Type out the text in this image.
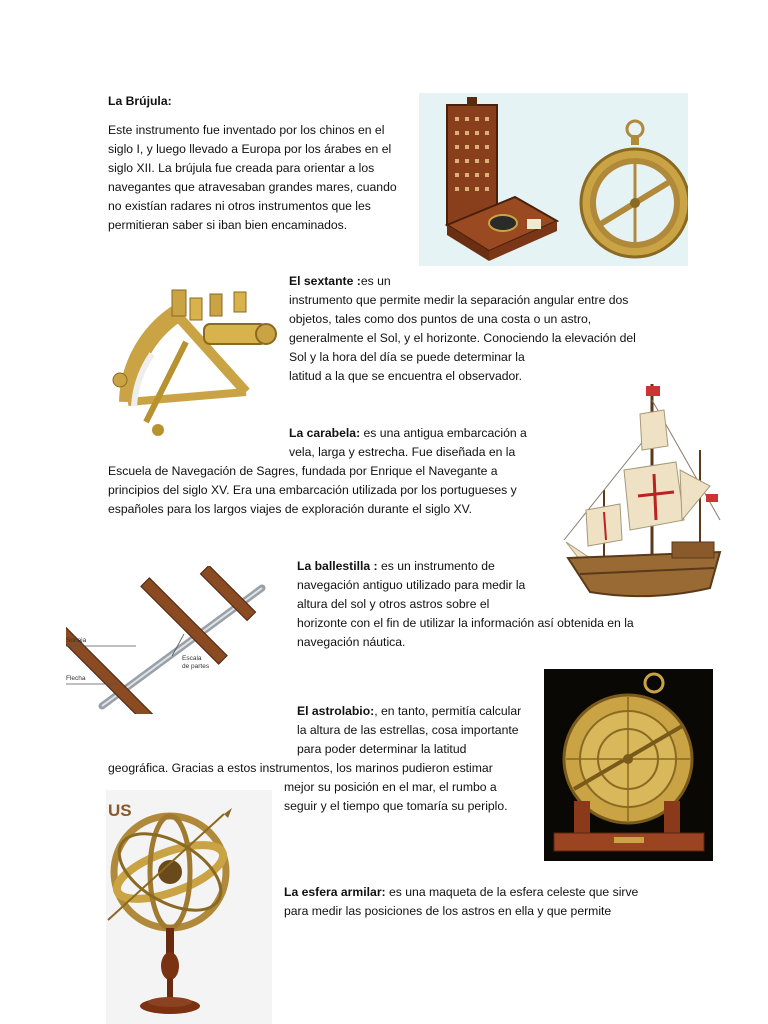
La Brújula:

Este instrumento fue inventado por los chinos en el

siglo I, y luego llevado a Europa por los árabes en el

siglo XII. La brújula fue creada para orientar a los

navegantes que atravesaban grandes mares, cuando

no existían radares ni otros instrumentos que les

permitieran saber si iban bien encaminados.

El sextante :es un

instrumento que permite medir la separación angular entre dos

objetos, tales como dos puntos de una costa o un astro,

generalmente el Sol, y el horizonte. Conociendo la elevación del

Sol y la hora del día se puede determinar la

latitud a la que se encuentra el observador.

La carabela: es una antigua embarcación a

vela, larga y estrecha. Fue diseñada en la

Escuela de Navegación de Sagres, fundada por Enrique el Navegante a

principios del siglo XV. Era una embarcación utilizada por los portugueses y

españoles para los largos viajes de exploración durante el siglo XV.

Sonaja
Flecha
Escala
de partes

La ballestilla : es un instrumento de

navegación antiguo utilizado para medir la

altura del sol y otros astros sobre el

horizonte con el fin de utilizar la información así obtenida en la

navegación náutica.

El astrolabio:, en tanto, permitía calcular

la altura de las estrellas, cosa importante

para poder determinar la latitud

geográfica. Gracias a estos instrumentos, los marinos pudieron estimar

mejor su posición en el mar, el rumbo a

seguir y el tiempo que tomaría su periplo.

US

La esfera armilar: es una maqueta de la esfera celeste que sirve

para medir las posiciones de los astros en ella y que permite
